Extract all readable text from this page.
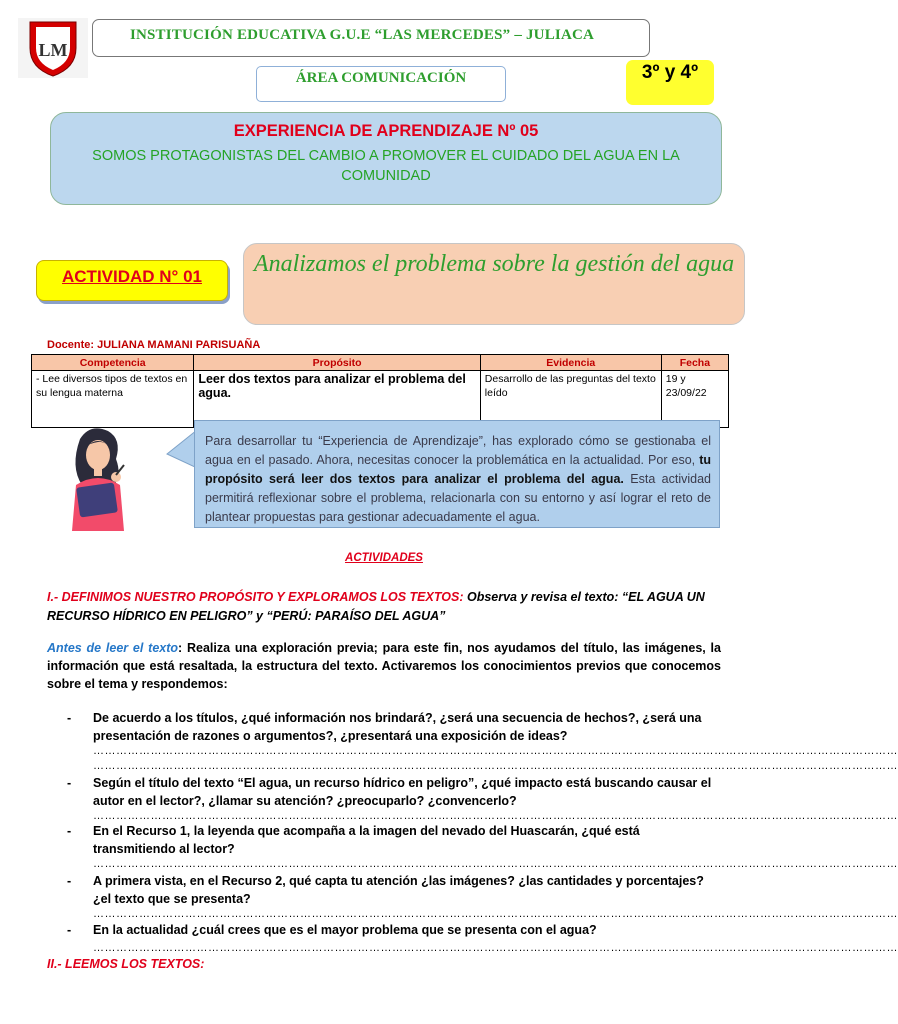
LM
INSTITUCIÓN EDUCATIVA G.U.E “LAS MERCEDES” – JULIACA
ÁREA COMUNICACIÓN	3º y 4º
EXPERIENCIA DE APRENDIZAJE Nº 05
SOMOS PROTAGONISTAS DEL CAMBIO A PROMOVER EL CUIDADO DEL AGUA EN LA COMUNIDAD
ACTIVIDAD N° 01	Analizamos el problema sobre la gestión del agua
Docente: JULIANA MAMANI PARISUAÑA
Competencia	Propósito	Evidencia	Fecha
- Lee diversos tipos de textos en su lengua materna	Leer dos textos para analizar el problema del agua.	Desarrollo de las preguntas del texto leído	19 y 23/09/22
Para desarrollar tu “Experiencia de Aprendizaje”, has explorado cómo se gestionaba el agua en el pasado. Ahora, necesitas conocer la problemática en la actualidad. Por eso, tu propósito será leer dos textos para analizar el problema del agua. Esta actividad permitirá reflexionar sobre el problema, relacionarla con su entorno y así lograr el reto de plantear propuestas para gestionar adecuadamente el agua.
ACTIVIDADES
I.- DEFINIMOS NUESTRO PROPÓSITO Y EXPLORAMOS LOS TEXTOS: Observa y revisa el texto: “EL AGUA UN RECURSO HÍDRICO EN PELIGRO” y “PERÚ: PARAÍSO DEL AGUA”
Antes de leer el texto: Realiza una exploración previa; para este fin, nos ayudamos del título, las imágenes, la información que está resaltada, la estructura del texto. Activaremos los conocimientos previos que conocemos sobre el tema y respondemos:
- De acuerdo a los títulos, ¿qué información nos brindará?, ¿será una secuencia de hechos?, ¿será una presentación de razones o argumentos?, ¿presentará una exposición de ideas?
…………………………………………………………………………………………………………………………………………………………………………………………
…………………………………………………………………………………………………………………………………………………………………………………………
- Según el título del texto “El agua, un recurso hídrico en peligro”, ¿qué impacto está buscando causar el autor en el lector?, ¿llamar su atención? ¿preocuparlo? ¿convencerlo?
…………………………………………………………………………………………………………………………………………………………………………………………
- En el Recurso 1, la leyenda que acompaña a la imagen del nevado del Huascarán, ¿qué está transmitiendo al lector?
…………………………………………………………………………………………………………………………………………………………………………………………
- A primera vista, en el Recurso 2, qué capta tu atención ¿las imágenes? ¿las cantidades y porcentajes? ¿el texto que se presenta?
…………………………………………………………………………………………………………………………………………………………………………………………
- En la actualidad ¿cuál crees que es el mayor problema que se presenta con el agua?
…………………………………………………………………………………………………………………………………………………………………………………………
II.- LEEMOS LOS TEXTOS:
